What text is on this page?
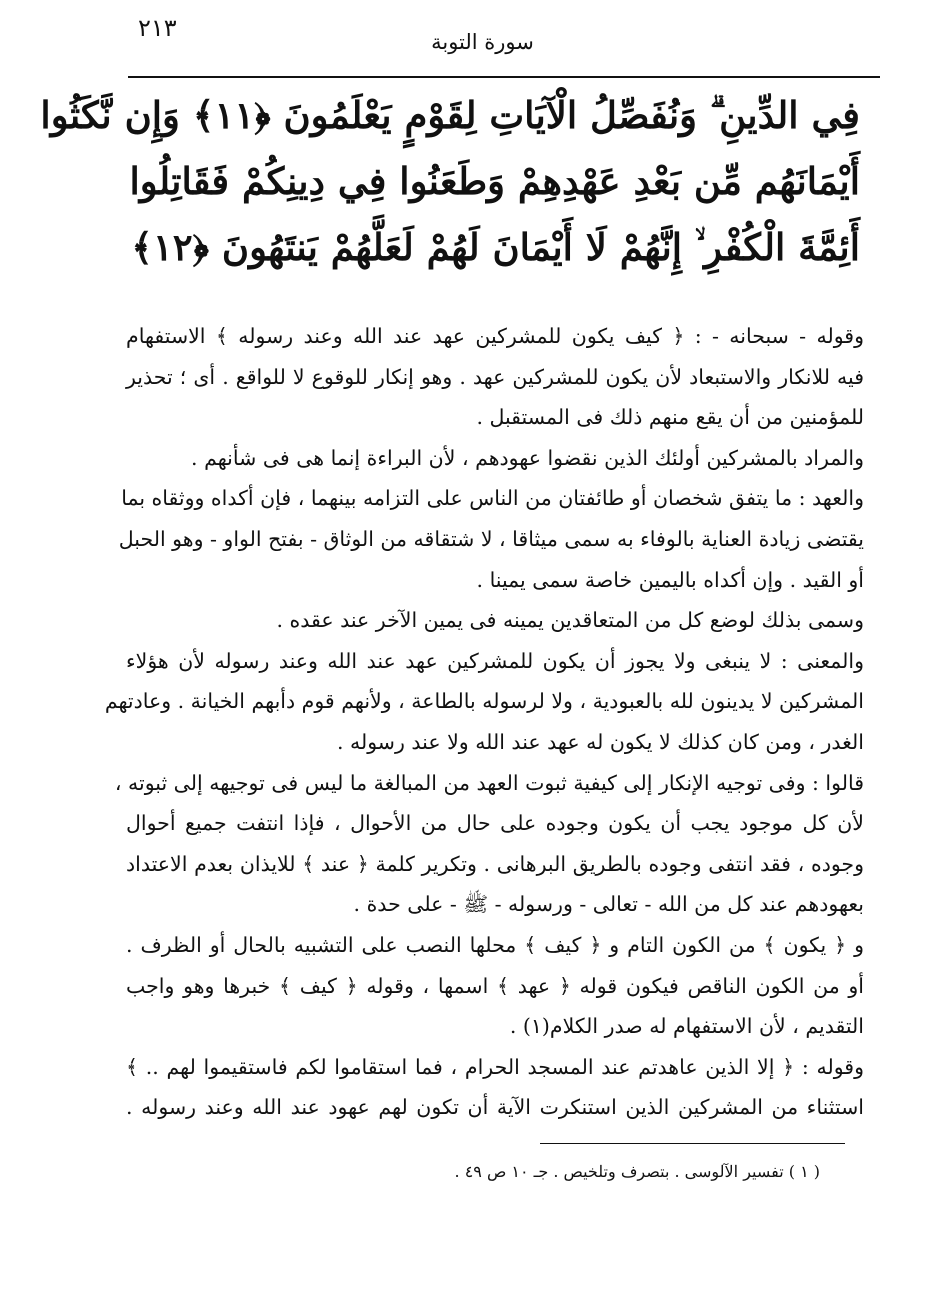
٢١٣	سورة التوبة
فِي الدِّينِ ۗ وَنُفَصِّلُ الْآيَاتِ لِقَوْمٍ يَعْلَمُونَ ﴿١١﴾ وَإِن نَّكَثُوا
أَيْمَانَهُم مِّن بَعْدِ عَهْدِهِمْ وَطَعَنُوا فِي دِينِكُمْ فَقَاتِلُوا
أَئِمَّةَ الْكُفْرِ ۙ إِنَّهُمْ لَا أَيْمَانَ لَهُمْ لَعَلَّهُمْ يَنتَهُونَ ﴿١٢﴾
وقوله - سبحانه - : ﴿ كيف يكون للمشركين عهد عند الله وعند رسوله ﴾ الاستفهام
فيه للانكار والاستبعاد لأن يكون للمشركين عهد . وهو إنكار للوقوع لا للواقع . أى ؛ تحذير
للمؤمنين من أن يقع منهم ذلك فى المستقبل .
والمراد بالمشركين أولئك الذين نقضوا عهودهم ، لأن البراءة إنما هى فى شأنهم .
والعهد : ما يتفق شخصان أو طائفتان من الناس على التزامه بينهما ، فإن أكداه ووثقاه بما
يقتضى زيادة العناية بالوفاء به سمى ميثاقا ، لا شتقاقه من الوثاق - بفتح الواو - وهو الحبل
أو القيد . وإن أكداه باليمين خاصة سمى يمينا .
وسمى بذلك لوضع كل من المتعاقدين يمينه فى يمين الآخر عند عقده .
والمعنى : لا ينبغى ولا يجوز أن يكون للمشركين عهد عند الله وعند رسوله لأن هؤلاء
المشركين لا يدينون لله بالعبودية ، ولا لرسوله بالطاعة ، ولأنهم قوم دأبهم الخيانة . وعادتهم
الغدر ، ومن كان كذلك لا يكون له عهد عند الله ولا عند رسوله .
قالوا : وفى توجيه الإنكار إلى كيفية ثبوت العهد من المبالغة ما ليس فى توجيهه إلى ثبوته ،
لأن كل موجود يجب أن يكون وجوده على حال من الأحوال ، فإذا انتفت جميع أحوال
وجوده ، فقد انتفى وجوده بالطريق البرهانى . وتكرير كلمة ﴿ عند ﴾ للايذان بعدم الاعتداد
بعهودهم عند كل من الله - تعالى - ورسوله - ﷺ - على حدة .
و ﴿ يكون ﴾ من الكون التام و ﴿ كيف ﴾ محلها النصب على التشبيه بالحال أو الظرف .
أو من الكون الناقص فيكون قوله ﴿ عهد ﴾ اسمها ، وقوله ﴿ كيف ﴾ خبرها وهو واجب
التقديم ، لأن الاستفهام له صدر الكلام(١) .
وقوله : ﴿ إلا الذين عاهدتم عند المسجد الحرام ، فما استقاموا لكم فاستقيموا لهم .. ﴾
استثناء من المشركين الذين استنكرت الآية أن تكون لهم عهود عند الله وعند رسوله .
( ١ ) تفسير الآلوسى . بتصرف وتلخيص . جـ ١٠ ص ٤٩ .
